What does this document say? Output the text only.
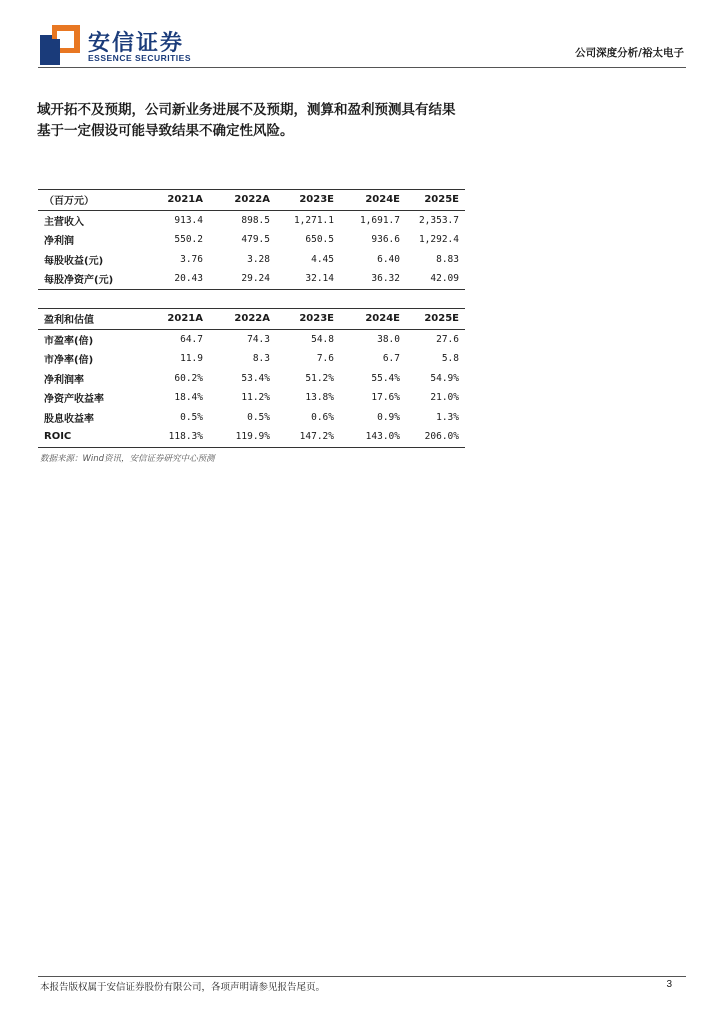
安信证券
ESSENCE SECURITIES	公司深度分析/裕太电子
域开拓不及预期，公司新业务进展不及预期，测算和盈利预测具有结果基于一定假设可能导致结果不确定性风险。
（百万元）	2021A	2022A	2023E	2024E	2025E
主营收入	913.4	898.5	1,271.1	1,691.7	2,353.7
净利润	550.2	479.5	650.5	936.6	1,292.4
每股收益(元)	3.76	3.28	4.45	6.40	8.83
每股净资产(元)	20.43	29.24	32.14	36.32	42.09
盈利和估值	2021A	2022A	2023E	2024E	2025E
市盈率(倍)	64.7	74.3	54.8	38.0	27.6
市净率(倍)	11.9	8.3	7.6	6.7	5.8
净利润率	60.2%	53.4%	51.2%	55.4%	54.9%
净资产收益率	18.4%	11.2%	13.8%	17.6%	21.0%
股息收益率	0.5%	0.5%	0.6%	0.9%	1.3%
ROIC	118.3%	119.9%	147.2%	143.0%	206.0%
数据来源：Wind资讯，安信证券研究中心预测
本报告版权属于安信证券股份有限公司，各项声明请参见报告尾页。	3
